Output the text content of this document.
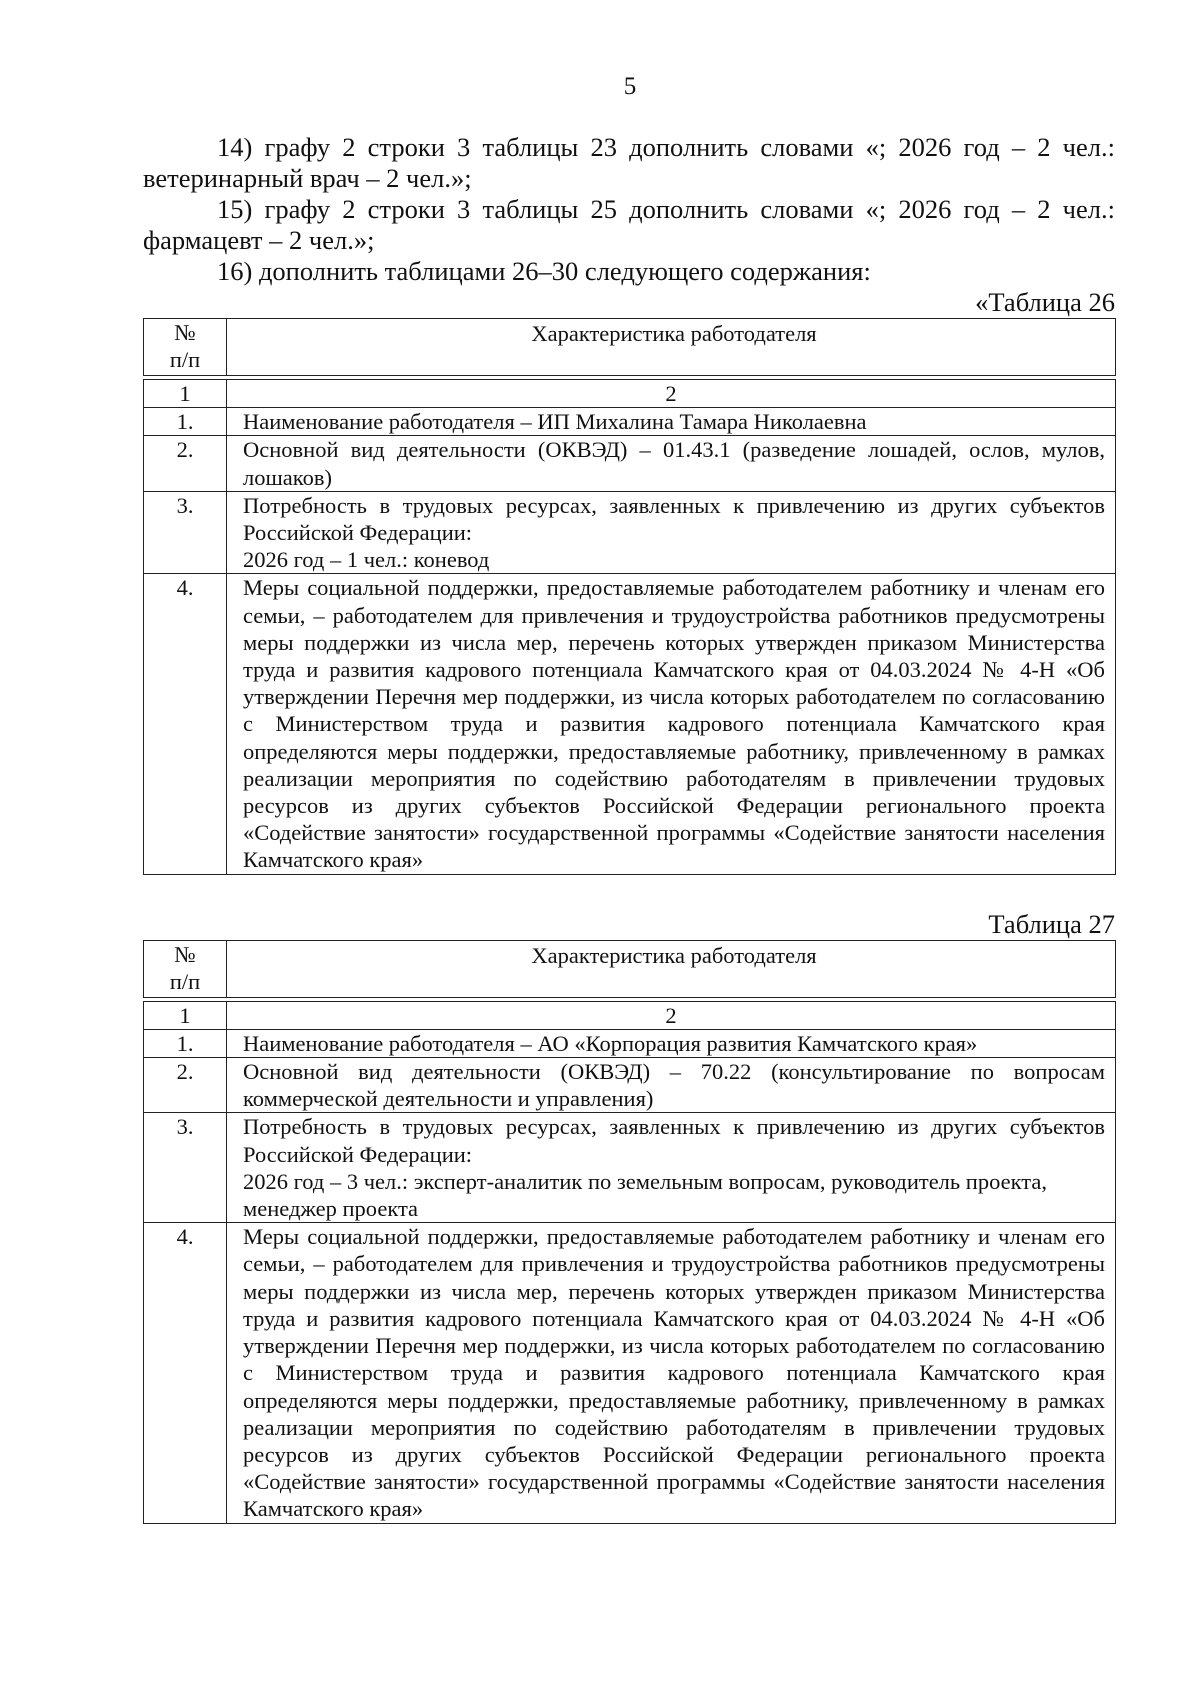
5

14) графу 2 строки 3 таблицы 23 дополнить словами «; 2026 год – 2 чел.: ветеринарный врач – 2 чел.»;

15) графу 2 строки 3 таблицы 25 дополнить словами «; 2026 год – 2 чел.: фармацевт – 2 чел.»;

16) дополнить таблицами 26–30 следующего содержания:

«Таблица 26

№
п/п	Характеристика работодателя

1	2
1.	Наименование работодателя – ИП Михалина Тамара Николаевна
2.	Основной вид деятельности (ОКВЭД) – 01.43.1 (разведение лошадей, ослов, мулов, лошаков)
3.	Потребность в трудовых ресурсах, заявленных к привлечению из других субъектов Российской Федерации:
2026 год – 1 чел.: коневод

4.	Меры социальной поддержки, предоставляемые работодателем работнику и членам его семьи, – работодателем для привлечения и трудоустройства работников предусмотрены меры поддержки из числа мер, перечень которых утвержден приказом Министерства труда и развития кадрового потенциала Камчатского края от 04.03.2024 № 4-Н «Об утверждении Перечня мер поддержки, из числа которых работодателем по согласованию с Министерством труда и развития кадрового потенциала Камчатского края определяются меры поддержки, предоставляемые работнику, привлеченному в рамках реализации мероприятия по содействию работодателям в привлечении трудовых ресурсов из других субъектов Российской Федерации регионального проекта «Содействие занятости» государственной программы «Содействие занятости населения Камчатского края»

Таблица 27

№
п/п	Характеристика работодателя

1	2
1.	Наименование работодателя – АО «Корпорация развития Камчатского края»
2.	Основной вид деятельности (ОКВЭД) – 70.22 (консультирование по вопросам коммерческой деятельности и управления)
3.	Потребность в трудовых ресурсах, заявленных к привлечению из других субъектов Российской Федерации:
2026 год – 3 чел.: эксперт-аналитик по земельным вопросам, руководитель проекта, менеджер проекта

4.	Меры социальной поддержки, предоставляемые работодателем работнику и членам его семьи, – работодателем для привлечения и трудоустройства работников предусмотрены меры поддержки из числа мер, перечень которых утвержден приказом Министерства труда и развития кадрового потенциала Камчатского края от 04.03.2024 № 4-Н «Об утверждении Перечня мер поддержки, из числа которых работодателем по согласованию с Министерством труда и развития кадрового потенциала Камчатского края определяются меры поддержки, предоставляемые работнику, привлеченному в рамках реализации мероприятия по содействию работодателям в привлечении трудовых ресурсов из других субъектов Российской Федерации регионального проекта «Содействие занятости» государственной программы «Содействие занятости населения Камчатского края»
